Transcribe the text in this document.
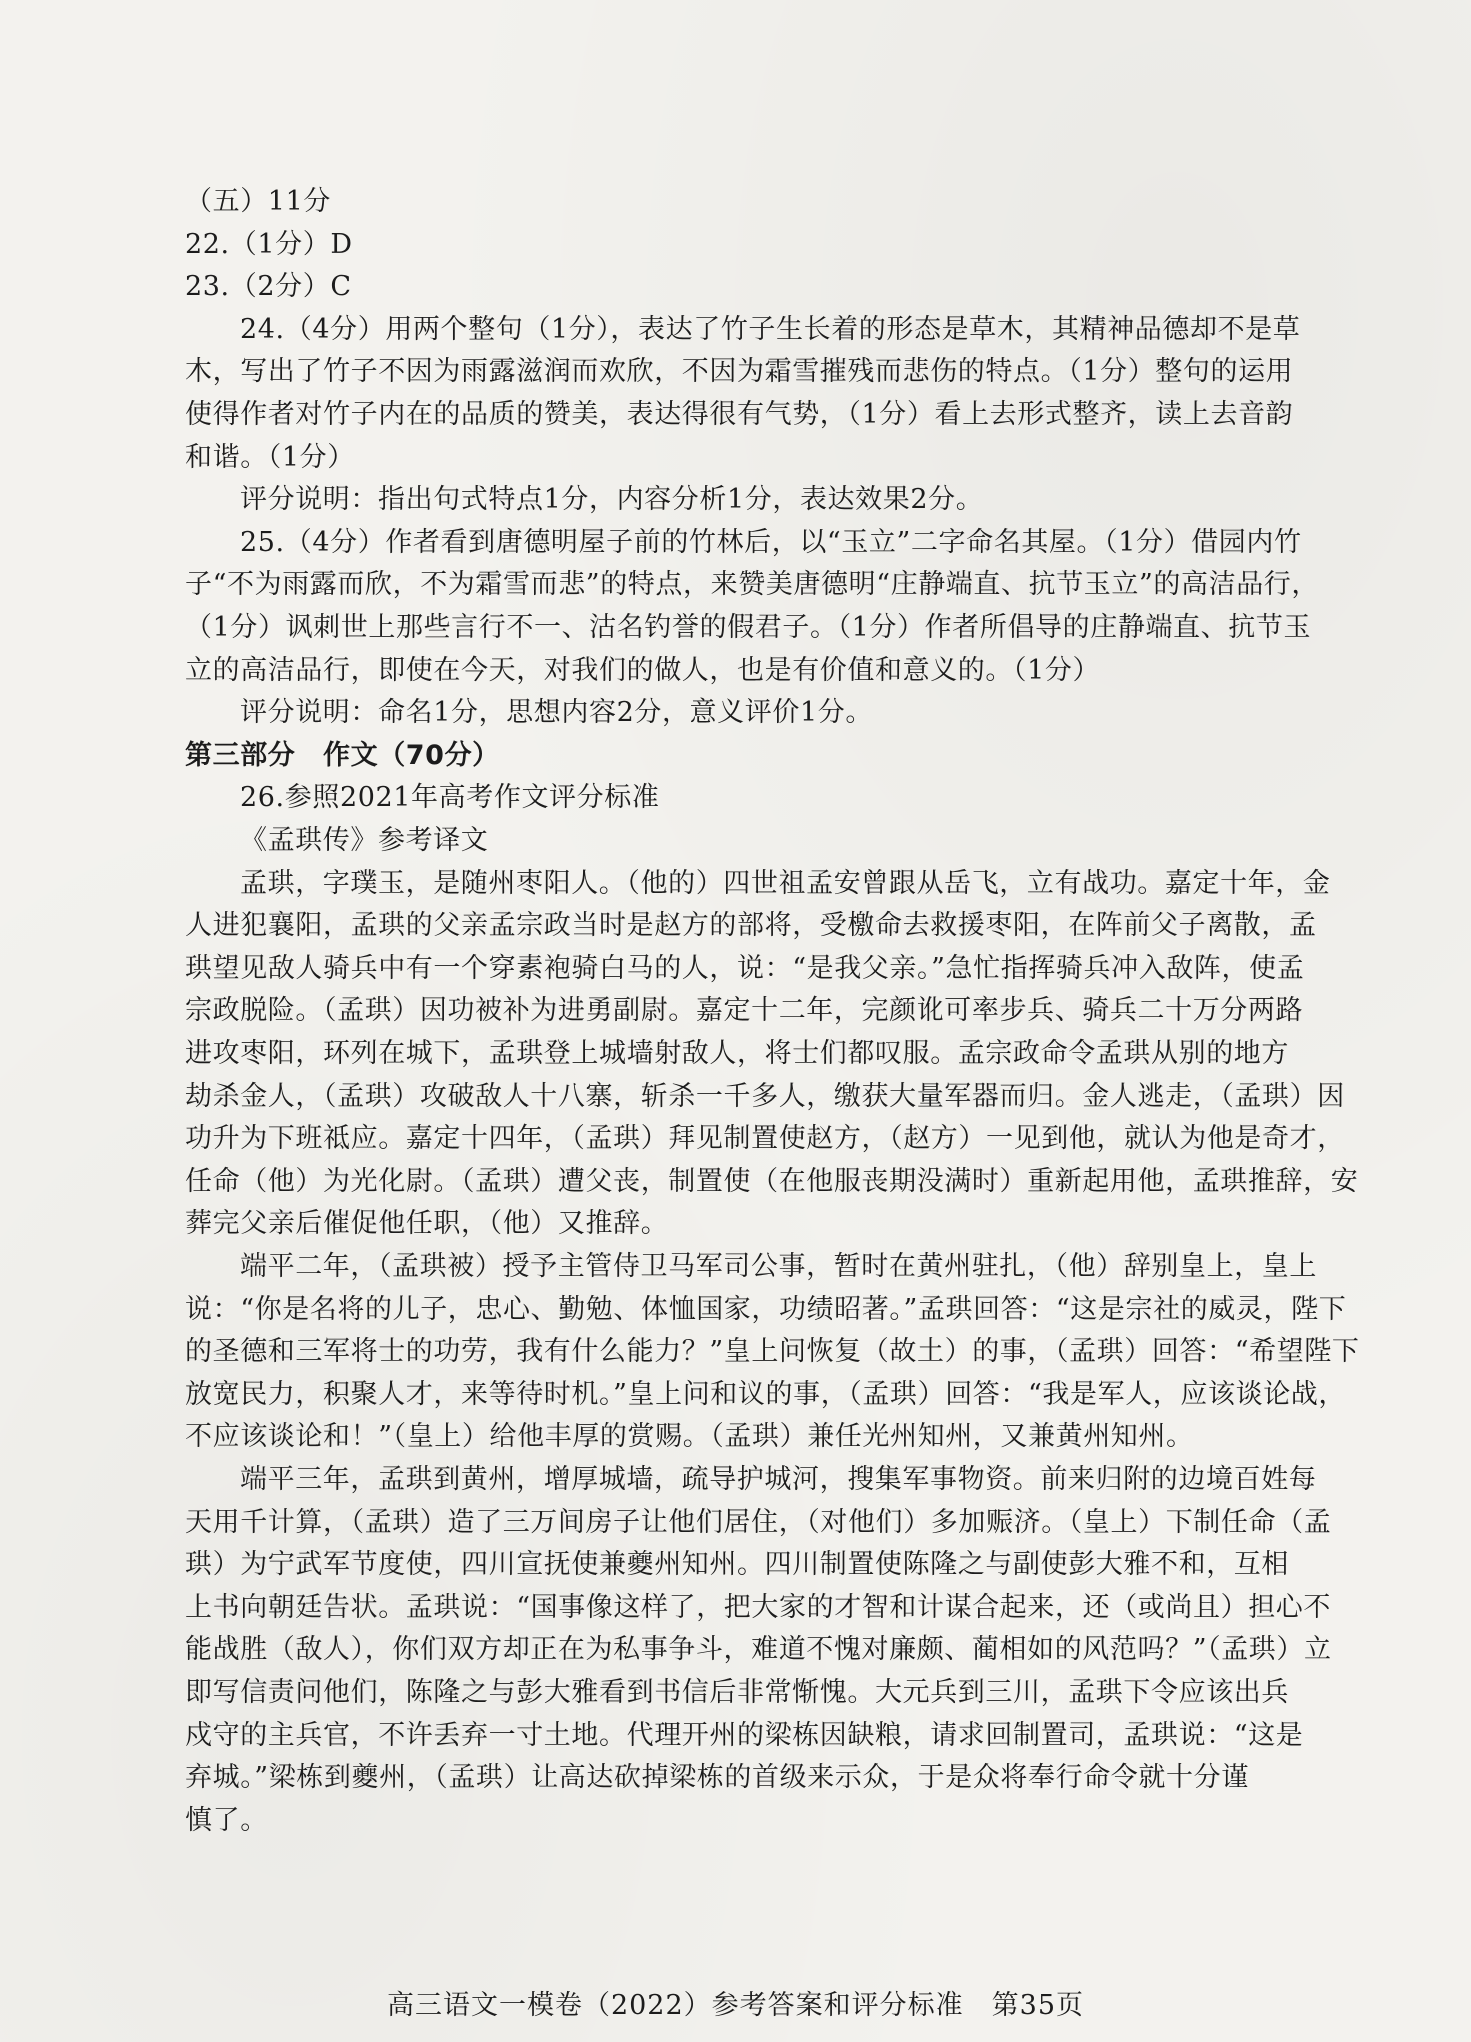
（五）11分
22.（1分）D
23.（2分）C
24.（4分）用两个整句（1分），表达了竹子生长着的形态是草木，其精神品德却不是草
木，写出了竹子不因为雨露滋润而欢欣，不因为霜雪摧残而悲伤的特点。（1分）整句的运用
使得作者对竹子内在的品质的赞美，表达得很有气势，（1分）看上去形式整齐，读上去音韵
和谐。（1分）
评分说明：指出句式特点1分，内容分析1分，表达效果2分。
25.（4分）作者看到唐德明屋子前的竹林后，以“玉立”二字命名其屋。（1分）借园内竹
子“不为雨露而欣，不为霜雪而悲”的特点，来赞美唐德明“庄静端直、抗节玉立”的高洁品行，
（1分）讽刺世上那些言行不一、沽名钓誉的假君子。（1分）作者所倡导的庄静端直、抗节玉
立的高洁品行，即使在今天，对我们的做人，也是有价值和意义的。（1分）
评分说明：命名1分，思想内容2分，意义评价1分。
第三部分　作文（70分）
26.参照2021年高考作文评分标准
《孟珙传》参考译文
孟珙，字璞玉，是随州枣阳人。（他的）四世祖孟安曾跟从岳飞，立有战功。嘉定十年，金
人进犯襄阳，孟珙的父亲孟宗政当时是赵方的部将，受檄命去救援枣阳，在阵前父子离散，孟
珙望见敌人骑兵中有一个穿素袍骑白马的人，说：“是我父亲。”急忙指挥骑兵冲入敌阵，使孟
宗政脱险。（孟珙）因功被补为进勇副尉。嘉定十二年，完颜讹可率步兵、骑兵二十万分两路
进攻枣阳，环列在城下，孟珙登上城墙射敌人，将士们都叹服。孟宗政命令孟珙从别的地方
劫杀金人，（孟珙）攻破敌人十八寨，斩杀一千多人，缴获大量军器而归。金人逃走，（孟珙）因
功升为下班祗应。嘉定十四年，（孟珙）拜见制置使赵方，（赵方）一见到他，就认为他是奇才，
任命（他）为光化尉。（孟珙）遭父丧，制置使（在他服丧期没满时）重新起用他，孟珙推辞，安
葬完父亲后催促他任职，（他）又推辞。
端平二年，（孟珙被）授予主管侍卫马军司公事，暂时在黄州驻扎，（他）辞别皇上，皇上
说：“你是名将的儿子，忠心、勤勉、体恤国家，功绩昭著。”孟珙回答：“这是宗社的威灵，陛下
的圣德和三军将士的功劳，我有什么能力？”皇上问恢复（故土）的事，（孟珙）回答：“希望陛下
放宽民力，积聚人才，来等待时机。”皇上问和议的事，（孟珙）回答：“我是军人，应该谈论战，
不应该谈论和！”（皇上）给他丰厚的赏赐。（孟珙）兼任光州知州，又兼黄州知州。
端平三年，孟珙到黄州，增厚城墙，疏导护城河，搜集军事物资。前来归附的边境百姓每
天用千计算，（孟珙）造了三万间房子让他们居住，（对他们）多加赈济。（皇上）下制任命（孟
珙）为宁武军节度使，四川宣抚使兼夔州知州。四川制置使陈隆之与副使彭大雅不和，互相
上书向朝廷告状。孟珙说：“国事像这样了，把大家的才智和计谋合起来，还（或尚且）担心不
能战胜（敌人），你们双方却正在为私事争斗，难道不愧对廉颇、蔺相如的风范吗？”（孟珙）立
即写信责问他们，陈隆之与彭大雅看到书信后非常惭愧。大元兵到三川，孟珙下令应该出兵
戍守的主兵官，不许丢弃一寸土地。代理开州的梁栋因缺粮，请求回制置司，孟珙说：“这是
弃城。”梁栋到夔州，（孟珙）让高达砍掉梁栋的首级来示众，于是众将奉行命令就十分谨
慎了。
高三语文一模卷（2022）参考答案和评分标准　第35页
